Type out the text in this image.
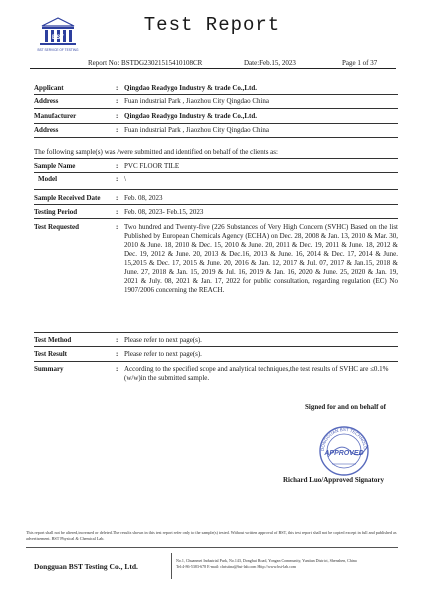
BST
BST SERVICE OF TESTING
Test Report
Report No: BSTDG23021515410108CR	Date:Feb.15, 2023	Page 1 of 37
Applicant	: Qingdao Readygo Industry & trade Co.,Ltd.
Address	: Fuan industrial Park , Jiaozhou City Qingdao China
Manufacturer	: Qingdao Readygo Industry & trade Co.,Ltd.
Address	: Fuan industrial Park , Jiaozhou City Qingdao China
The following sample(s) was /were submitted and identified on behalf of the clients as:
Sample Name	: PVC FLOOR TILE
Model	: \
Sample Received Date	: Feb. 08, 2023
Testing Period	: Feb. 08, 2023- Feb.15, 2023
Test Requested	: Two hundred and Twenty-five (226 Substances of Very High Concern (SVHC) Based on the list Published by European Chemicals Agency (ECHA) on Dec. 28, 2008 & Jan. 13, 2010 & Mar. 30, 2010 & June. 18, 2010 & Dec. 15, 2010 & June. 20, 2011 & Dec. 19, 2011 & June. 18, 2012 & Dec. 19, 2012 & June. 20, 2013 & Dec.16, 2013 & June. 16, 2014 & Dec. 17, 2014 & June. 15,2015 & Dec. 17, 2015 & June. 20, 2016 & Jan. 12, 2017 & Jul. 07, 2017 & Jan.15, 2018 & June. 27, 2018 & Jan. 15, 2019 & Jul. 16, 2019 & Jan. 16, 2020 & June. 25, 2020 & Jan. 19, 2021 & July. 08, 2021 & Jan. 17, 2022 for public consultation, regarding regulation (EC) No 1907/2006 concerning the REACH.
Test Method	: Please refer to next page(s).
Test Result	: Please refer to next page(s).
Summary	: According to the specified scope and analytical techniques,the test results of SVHC are ≤0.1%(w/w)in the submitted sample.
Signed for and on behalf of
DONGGUAN BST TECHNOLO
APPROVED
Richard Luo/Approved Signatory
This report shall not be altered,increased or deleted.The results shown in this test report refer only to the sample(s) tested. Without written approval of BST, this test report shall not be copied except in full and published as advertisement. BST Physical & Chemical Lab.
Dongguan BST Testing Co., Ltd.
No.1, Chuanmei Industrial Park, No.143, Donghui Road, Yongan Community, Yuntian District, Shenzhen, China
Tel:4-86-5383-678 E-mail: christina@bst-lab.com Http://www.bst-lab.com
